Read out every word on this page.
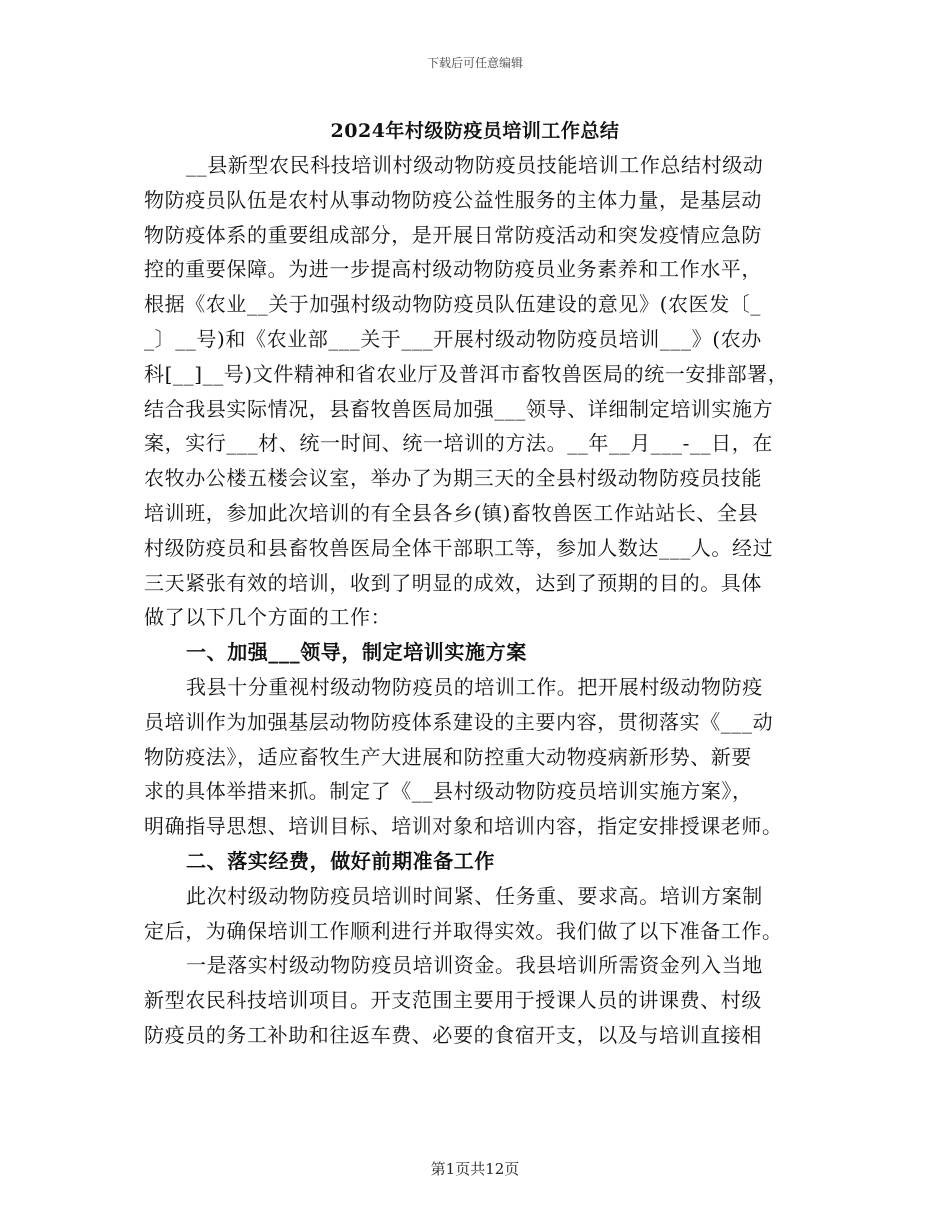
下载后可任意编辑
2024年村级防疫员培训工作总结
__县新型农民科技培训村级动物防疫员技能培训工作总结村级动
物防疫员队伍是农村从事动物防疫公益性服务的主体力量，是基层动
物防疫体系的重要组成部分，是开展日常防疫活动和突发疫情应急防
控的重要保障。为进一步提高村级动物防疫员业务素养和工作水平，
根据《农业__关于加强村级动物防疫员队伍建设的意见》(农医发〔_
_〕__号)和《农业部___关于___开展村级动物防疫员培训___》(农办
科[__]__号)文件精神和省农业厅及普洱市畜牧兽医局的统一安排部署，
结合我县实际情况，县畜牧兽医局加强___领导、详细制定培训实施方
案，实行___材、统一时间、统一培训的方法。__年__月___-__日，在
农牧办公楼五楼会议室，举办了为期三天的全县村级动物防疫员技能
培训班，参加此次培训的有全县各乡(镇)畜牧兽医工作站站长、全县
村级防疫员和县畜牧兽医局全体干部职工等，参加人数达___人。经过
三天紧张有效的培训，收到了明显的成效，达到了预期的目的。具体
做了以下几个方面的工作：
一、加强___领导，制定培训实施方案
我县十分重视村级动物防疫员的培训工作。把开展村级动物防疫
员培训作为加强基层动物防疫体系建设的主要内容，贯彻落实《___动
物防疫法》，适应畜牧生产大进展和防控重大动物疫病新形势、新要
求的具体举措来抓。制定了《__县村级动物防疫员培训实施方案》，
明确指导思想、培训目标、培训对象和培训内容，指定安排授课老师。
二、落实经费，做好前期准备工作
此次村级动物防疫员培训时间紧、任务重、要求高。培训方案制
定后，为确保培训工作顺利进行并取得实效。我们做了以下准备工作。
一是落实村级动物防疫员培训资金。我县培训所需资金列入当地
新型农民科技培训项目。开支范围主要用于授课人员的讲课费、村级
防疫员的务工补助和往返车费、必要的食宿开支，以及与培训直接相
第1页共12页
